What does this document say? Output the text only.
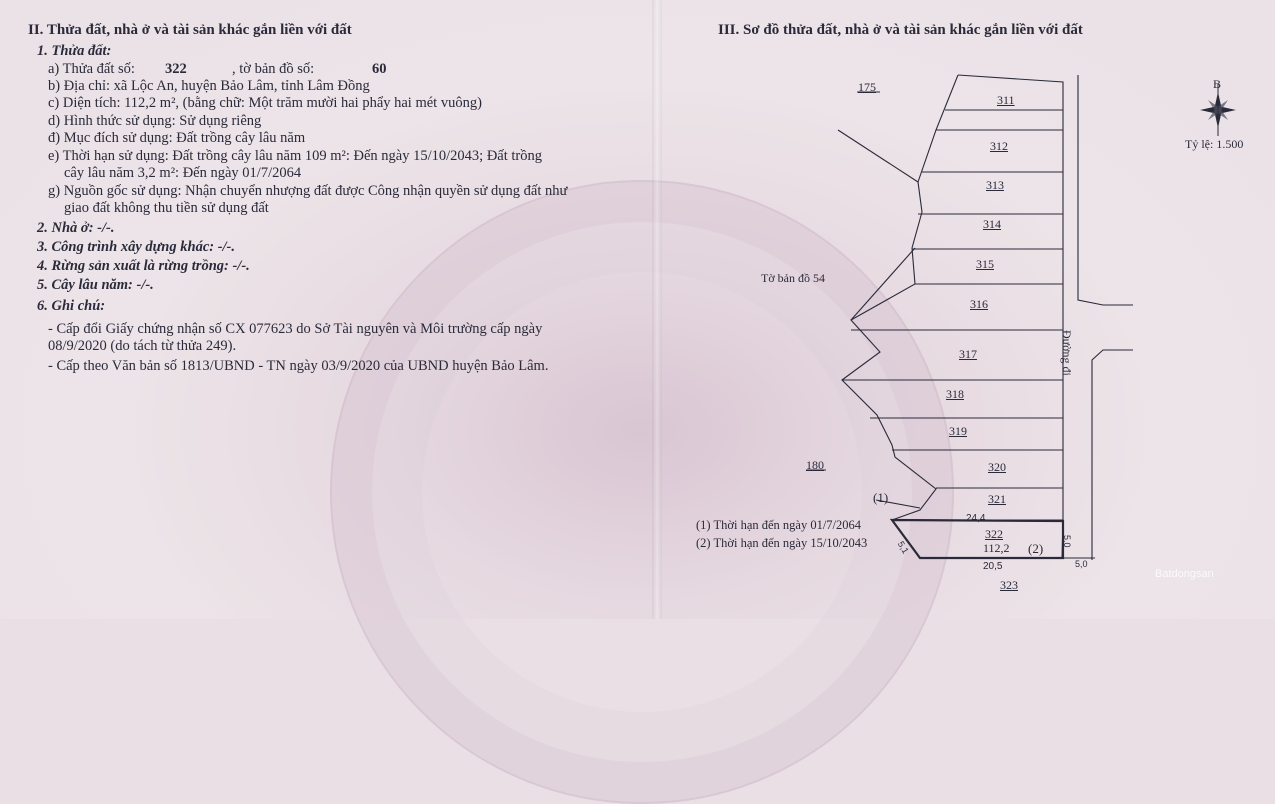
II. Thửa đất, nhà ở và tài sản khác gắn liền với đất
1. Thửa đất:
a) Thửa đất số: 322	, tờ bản đồ số:	60
b) Địa chỉ: xã Lộc An, huyện Bảo Lâm, tỉnh Lâm Đồng
c) Diện tích: 112,2 m², (bằng chữ: Một trăm mười hai phẩy hai mét vuông)
d) Hình thức sử dụng: Sử dụng riêng
đ) Mục đích sử dụng: Đất trồng cây lâu năm
e) Thời hạn sử dụng: Đất trồng cây lâu năm 109 m²: Đến ngày 15/10/2043; Đất trồng
cây lâu năm 3,2 m²: Đến ngày 01/7/2064
g) Nguồn gốc sử dụng: Nhận chuyển nhượng đất được Công nhận quyền sử dụng đất như
giao đất không thu tiền sử dụng đất
2. Nhà ở: -/-.
3. Công trình xây dựng khác: -/-.
4. Rừng sản xuất là rừng trồng: -/-.
5. Cây lâu năm: -/-.
6. Ghi chú:
- Cấp đổi Giấy chứng nhận số CX 077623 do Sở Tài nguyên và Môi trường cấp ngày
08/9/2020 (do tách từ thửa 249).
- Cấp theo Văn bản số 1813/UBND - TN ngày 03/9/2020 của UBND huyện Bảo Lâm.
III. Sơ đồ thửa đất, nhà ở và tài sản khác gắn liền với đất
B
Tỷ lệ: 1.500
175
311
312
313
314
315
316
317
318
319
320
321
Tờ bản đồ 54
180
Đường đi
(1)
24,4
322
112,2 (2)
20,5
5,0
5,0
5,1
323
(1) Thời hạn đến ngày 01/7/2064
(2) Thời hạn đến ngày 15/10/2043
Batdongsan
